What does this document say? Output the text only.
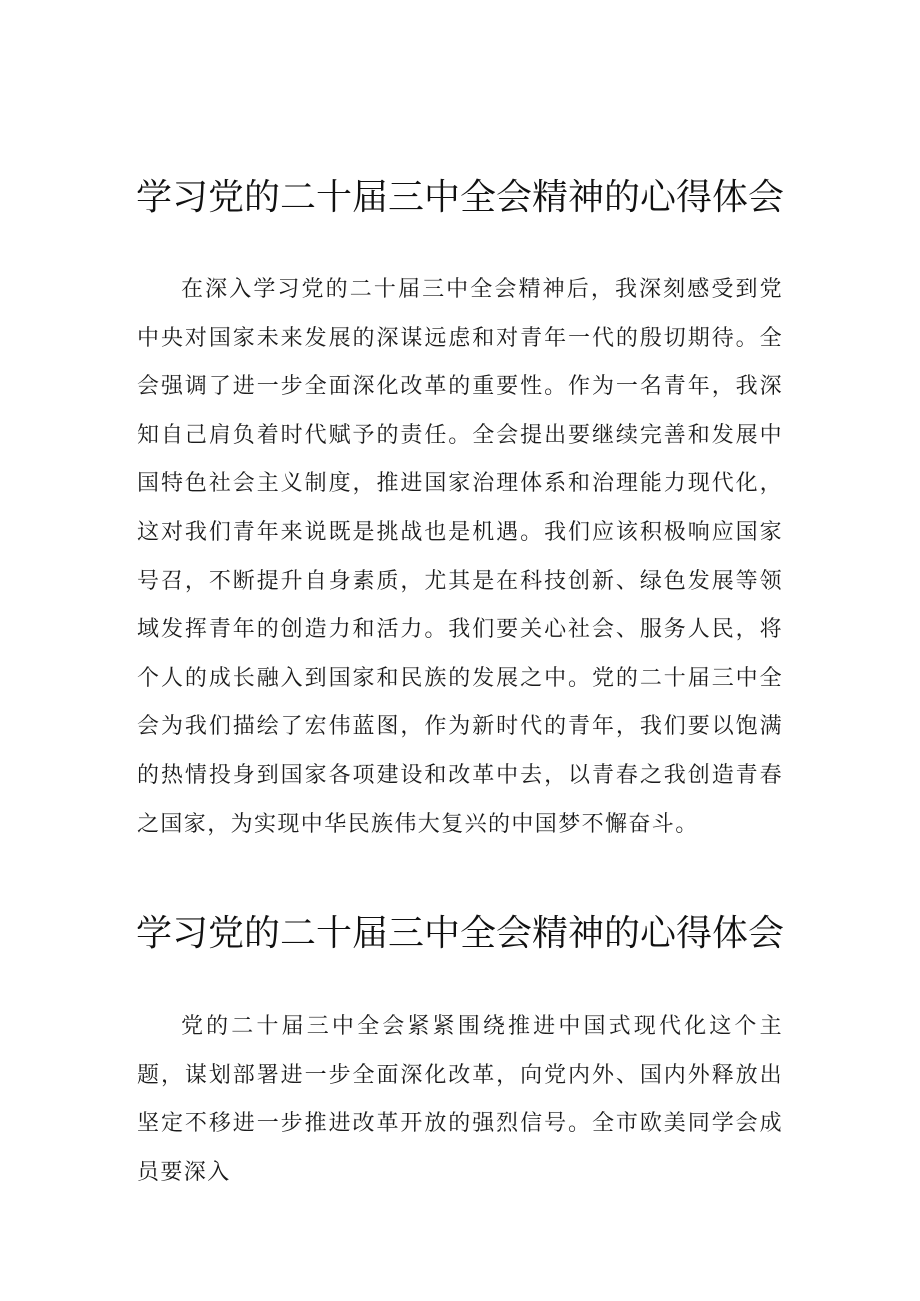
学习党的二十届三中全会精神的心得体会

在深入学习党的二十届三中全会精神后，我深刻感受到党中央对国家未来发展的深谋远虑和对青年一代的殷切期待。全会强调了进一步全面深化改革的重要性。作为一名青年，我深知自己肩负着时代赋予的责任。全会提出要继续完善和发展中国特色社会主义制度，推进国家治理体系和治理能力现代化，这对我们青年来说既是挑战也是机遇。我们应该积极响应国家号召，不断提升自身素质，尤其是在科技创新、绿色发展等领域发挥青年的创造力和活力。我们要关心社会、服务人民，将个人的成长融入到国家和民族的发展之中。党的二十届三中全会为我们描绘了宏伟蓝图，作为新时代的青年，我们要以饱满的热情投身到国家各项建设和改革中去，以青春之我创造青春之国家，为实现中华民族伟大复兴的中国梦不懈奋斗。

学习党的二十届三中全会精神的心得体会

党的二十届三中全会紧紧围绕推进中国式现代化这个主题，谋划部署进一步全面深化改革，向党内外、国内外释放出坚定不移进一步推进改革开放的强烈信号。全市欧美同学会成员要深入
